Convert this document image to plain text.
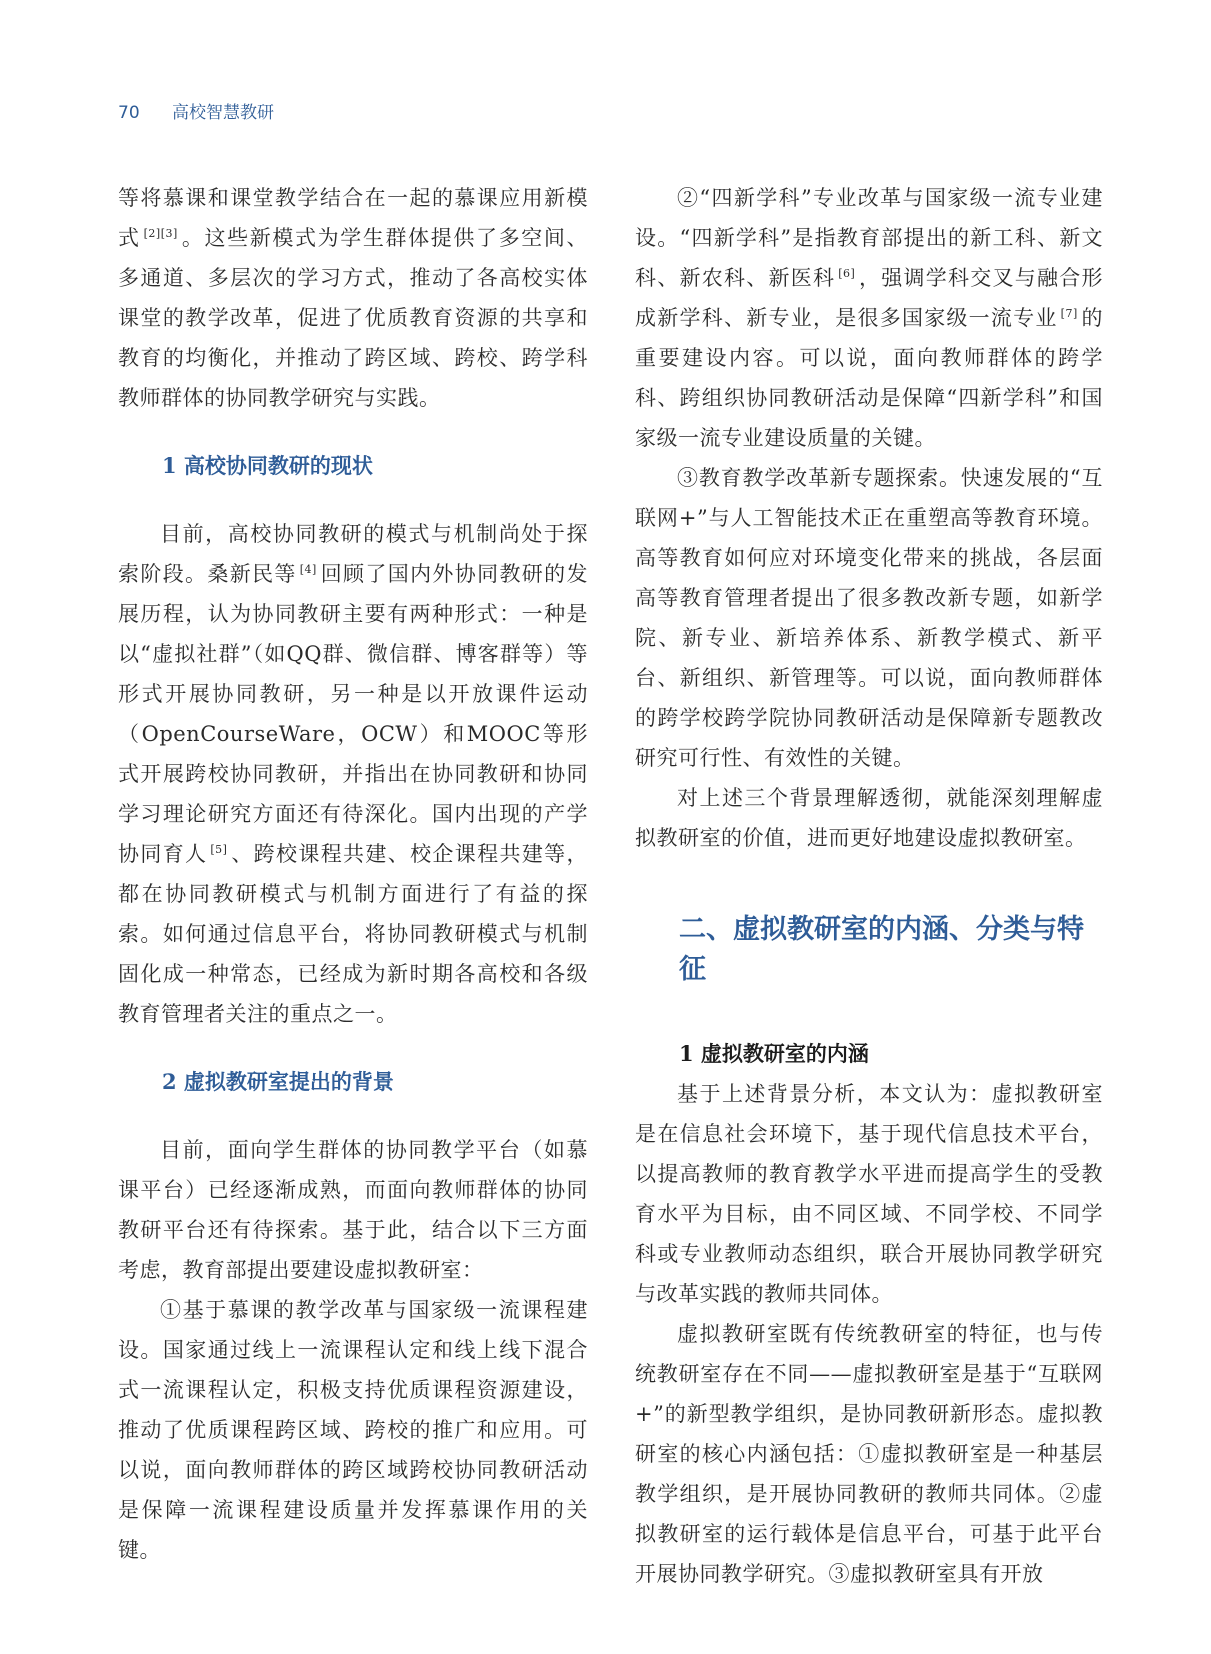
70 高校智慧教研

等将慕课和课堂教学结合在一起的慕课应用新模式 [2][3] 。这些新模式为学生群体提供了多空间、多通道、多层次的学习方式，推动了各高校实体课堂的教学改革，促进了优质教育资源的共享和教育的均衡化，并推动了跨区域、跨校、跨学科教师群体的协同教学研究与实践。

1 高校协同教研的现状

目前，高校协同教研的模式与机制尚处于探索阶段。桑新民等 [4] 回顾了国内外协同教研的发展历程，认为协同教研主要有两种形式：一种是以“虚拟社群”（如QQ群、微信群、博客群等）等形式开展协同教研，另一种是以开放课件运动（OpenCourseWare，OCW）和MOOC等形式开展跨校协同教研，并指出在协同教研和协同学习理论研究方面还有待深化。国内出现的产学协同育人 [5] 、跨校课程共建、校企课程共建等，都在协同教研模式与机制方面进行了有益的探索。如何通过信息平台，将协同教研模式与机制固化成一种常态，已经成为新时期各高校和各级教育管理者关注的重点之一。

2 虚拟教研室提出的背景

目前，面向学生群体的协同教学平台（如慕课平台）已经逐渐成熟，而面向教师群体的协同教研平台还有待探索。基于此，结合以下三方面考虑，教育部提出要建设虚拟教研室：

①基于慕课的教学改革与国家级一流课程建设。国家通过线上一流课程认定和线上线下混合式一流课程认定，积极支持优质课程资源建设，推动了优质课程跨区域、跨校的推广和应用。可以说，面向教师群体的跨区域跨校协同教研活动是保障一流课程建设质量并发挥慕课作用的关键。

②“四新学科”专业改革与国家级一流专业建设。“四新学科”是指教育部提出的新工科、新文科、新农科、新医科 [6] ，强调学科交叉与融合形成新学科、新专业，是很多国家级一流专业 [7] 的重要建设内容。可以说，面向教师群体的跨学科、跨组织协同教研活动是保障“四新学科”和国家级一流专业建设质量的关键。

③教育教学改革新专题探索。快速发展的“互联网+”与人工智能技术正在重塑高等教育环境。高等教育如何应对环境变化带来的挑战，各层面高等教育管理者提出了很多教改新专题，如新学院、新专业、新培养体系、新教学模式、新平台、新组织、新管理等。可以说，面向教师群体的跨学校跨学院协同教研活动是保障新专题教改研究可行性、有效性的关键。

对上述三个背景理解透彻，就能深刻理解虚拟教研室的价值，进而更好地建设虚拟教研室。

二、虚拟教研室的内涵、分类与特征
1 虚拟教研室的内涵

基于上述背景分析，本文认为：虚拟教研室是在信息社会环境下，基于现代信息技术平台，以提高教师的教育教学水平进而提高学生的受教育水平为目标，由不同区域、不同学校、不同学科或专业教师动态组织，联合开展协同教学研究与改革实践的教师共同体。

虚拟教研室既有传统教研室的特征，也与传统教研室存在不同——虚拟教研室是基于“互联网+”的新型教学组织，是协同教研新形态。虚拟教研室的核心内涵包括：①虚拟教研室是一种基层教学组织，是开展协同教研的教师共同体。②虚拟教研室的运行载体是信息平台，可基于此平台开展协同教学研究。③虚拟教研室具有开放
